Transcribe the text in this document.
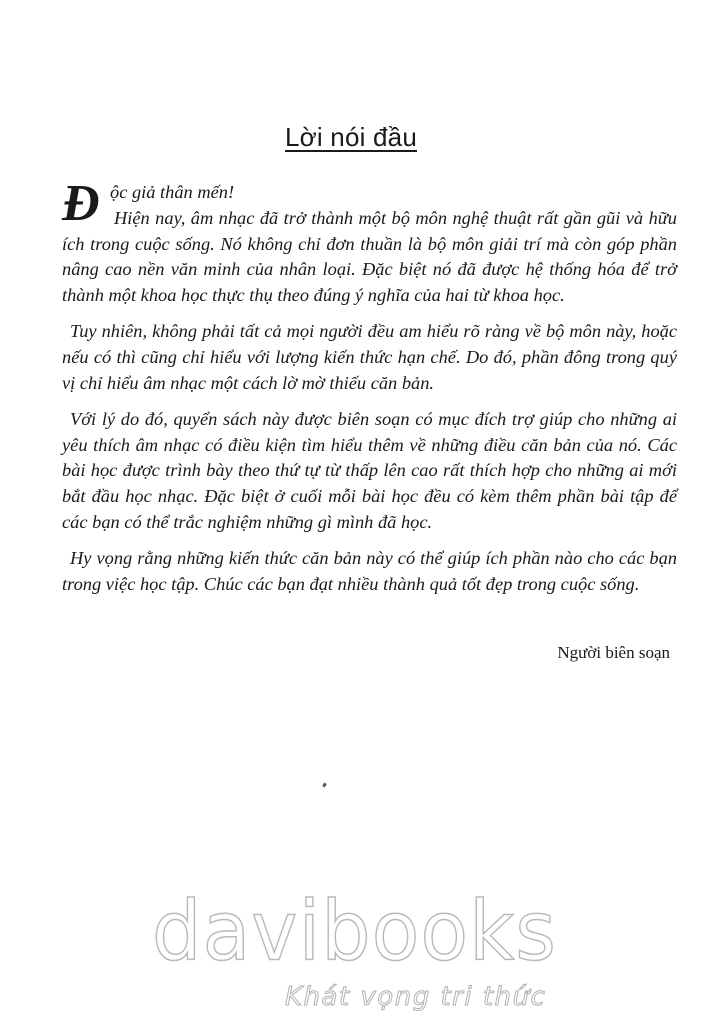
Lời nói đầu
Đ ộc giả thân mến!

Hiện nay, âm nhạc đã trở thành một bộ môn nghệ thuật rất gần gũi và hữu ích trong cuộc sống. Nó không chỉ đơn thuần là bộ môn giải trí mà còn góp phần nâng cao nền văn minh của nhân loại. Đặc biệt nó đã được hệ thống hóa để trở thành một khoa học thực thụ theo đúng ý nghĩa của hai từ khoa học.

Tuy nhiên, không phải tất cả mọi người đều am hiểu rõ ràng về bộ môn này, hoặc nếu có thì cũng chỉ hiểu với lượng kiến thức hạn chế. Do đó, phần đông trong quý vị chỉ hiểu âm nhạc một cách lờ mờ thiếu căn bản.

Với lý do đó, quyển sách này được biên soạn có mục đích trợ giúp cho những ai yêu thích âm nhạc có điều kiện tìm hiểu thêm về những điều căn bản của nó. Các bài học được trình bày theo thứ tự từ thấp lên cao rất thích hợp cho những ai mới bắt đầu học nhạc. Đặc biệt ở cuối mỗi bài học đều có kèm thêm phần bài tập để các bạn có thể trắc nghiệm những gì mình đã học.

Hy vọng rằng những kiến thức căn bản này có thể giúp ích phần nào cho các bạn trong việc học tập. Chúc các bạn đạt nhiều thành quả tốt đẹp trong cuộc sống.

Người biên soạn
davibooks
Khát vọng tri thức
